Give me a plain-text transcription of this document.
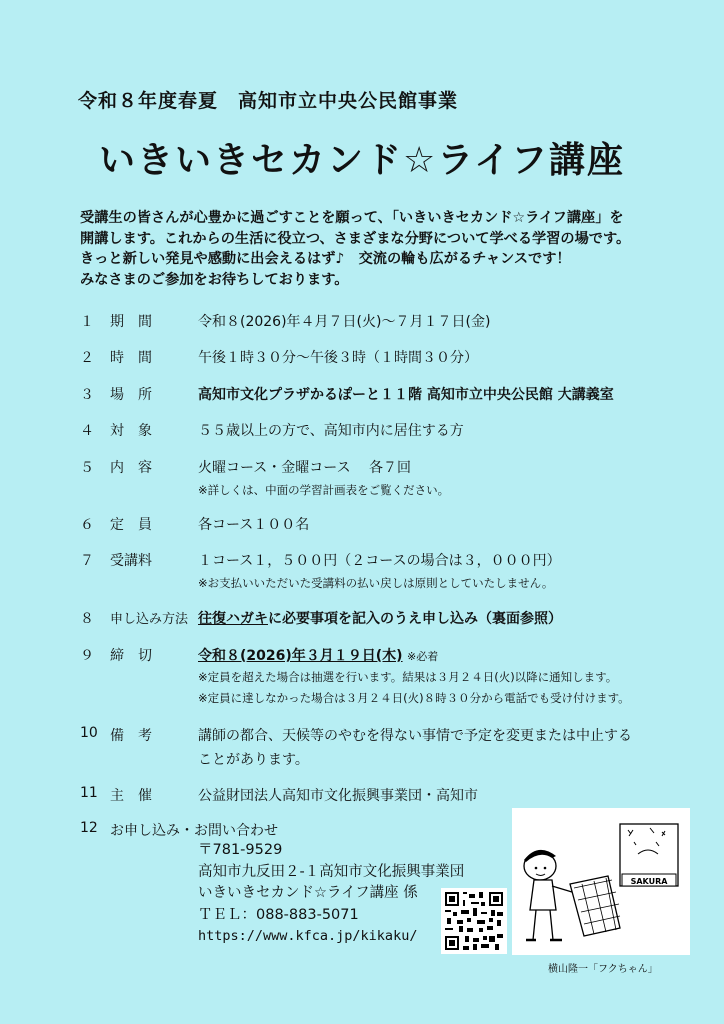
令和８年度春夏　高知市立中央公民館事業
いきいきセカンド☆ライフ講座
受講生の皆さんが心豊かに過ごすことを願って、「いきいきセカンド☆ライフ講座」を
開講します。これからの生活に役立つ、さまざまな分野について学べる学習の場です。
きっと新しい発見や感動に出会えるはず♪　交流の輪も広がるチャンスです！
みなさまのご参加をお待ちしております。
１	期　間	令和８(2026)年４月７日(火)～７月１７日(金)
２	時　間	午後１時３０分～午後３時（１時間３０分）
３	場　所	高知市文化プラザかるぽーと１１階 高知市立中央公民館 大講義室
４	対　象	５５歳以上の方で、高知市内に居住する方
５	内　容	火曜コース・金曜コース　 各７回
※詳しくは、中面の学習計画表をご覧ください。
６	定　員	各コース１００名
７	受講料	１コース１，５００円（２コースの場合は３，０００円）
※お支払いいただいた受講料の払い戻しは原則としていたしません。
８	申し込み方法 往復ハガキに必要事項を記入のうえ申し込み（裏面参照）
９	締　切	令和８(2026)年３月１９日(木) ※必着
※定員を超えた場合は抽選を行います。結果は３月２４日(火)以降に通知します。
※定員に達しなかった場合は３月２４日(火)８時３０分から電話でも受け付けます。
10 備　考	講師の都合、天候等のやむを得ない事情で予定を変更または中止する
ことがあります。
11 主　催	公益財団法人高知市文化振興事業団・高知市
12 お申し込み・お問い合わせ
〒781-9529
高知市九反田２-１高知市文化振興事業団
いきいきセカンド☆ライフ講座 係
ＴＥＬ：088-883-5071
https://www.kfca.jp/kikaku/
SAKURA
横山隆一「フクちゃん」
